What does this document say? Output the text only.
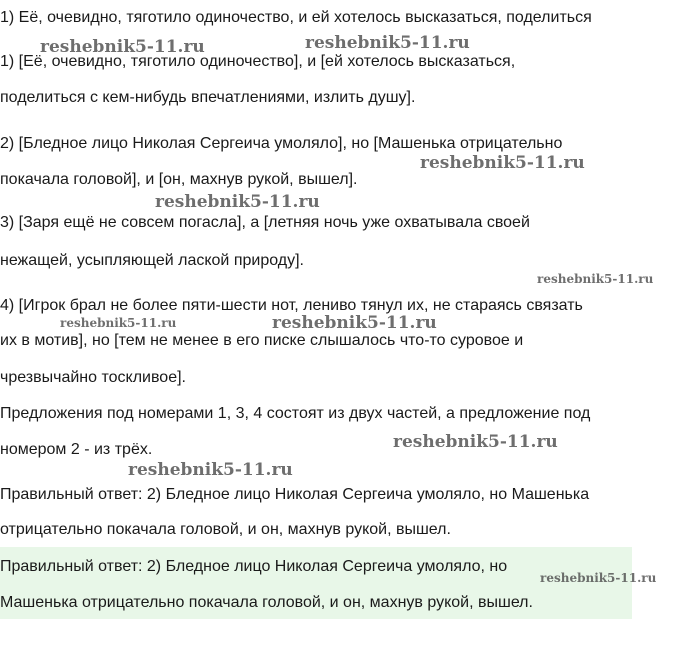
1) Её, очевидно, тяготило одиночество, и ей хотелось высказаться, поделиться
1) [Её, очевидно, тяготило одиночество], и [ей хотелось высказаться,
поделиться с кем-нибудь впечатлениями, излить душу].
2) [Бледное лицо Николая Сергеича умоляло], но [Машенька отрицательно
покачала головой], и [он, махнув рукой, вышел].
3) [Заря ещё не совсем погасла], а [летняя ночь уже охватывала своей
нежащей, усыпляющей лаской природу].
4) [Игрок брал не более пяти-шести нот, лениво тянул их, не стараясь связать
их в мотив], но [тем не менее в его писке слышалось что-то суровое и
чрезвычайно тоскливое].
Предложения под номерами 1, 3, 4 состоят из двух частей, а предложение под
номером 2 - из трёх.
Правильный ответ: 2) Бледное лицо Николая Сергеича умоляло, но Машенька
отрицательно покачала головой, и он, махнув рукой, вышел.
Правильный ответ: 2) Бледное лицо Николая Сергеича умоляло, но
Машенька отрицательно покачала головой, и он, махнув рукой, вышел.
reshebnik5-11.ru	reshebnik5-11.ru
reshebnik5-11.ru
reshebnik5-11.ru
reshebnik5-11.ru
reshebnik5-11.ru	reshebnik5-11.ru
reshebnik5-11.ru
reshebnik5-11.ru
reshebnik5-11.ru
